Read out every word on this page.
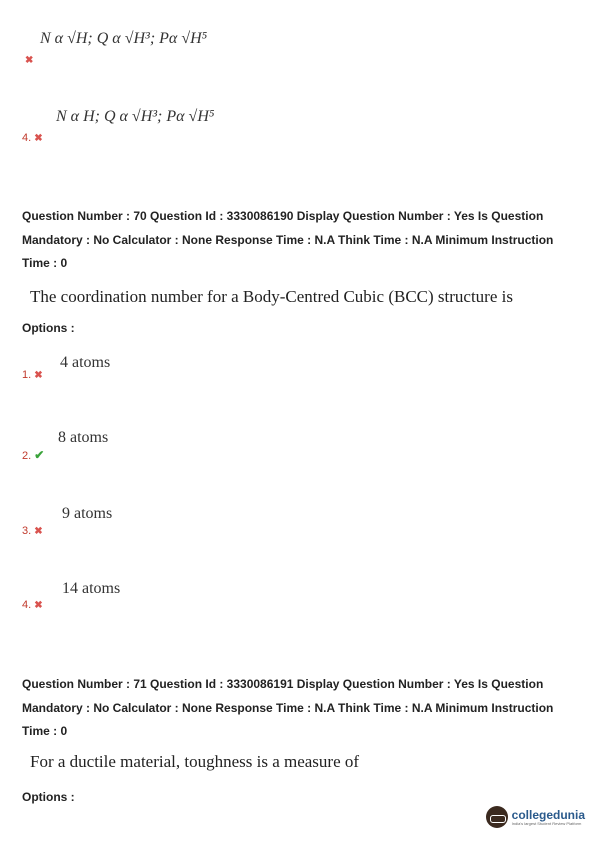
N α √H; Q α √H³; Pα √H⁵
✖
N α H; Q α √H³; Pα √H⁵
4. ✖
Question Number : 70 Question Id : 3330086190 Display Question Number : Yes Is Question Mandatory : No Calculator : None Response Time : N.A Think Time : N.A Minimum Instruction Time : 0
The coordination number for a Body-Centred Cubic (BCC) structure is
Options :
4 atoms
1. ✖
8 atoms
2. ✔
9 atoms
3. ✖
14 atoms
4. ✖
Question Number : 71 Question Id : 3330086191 Display Question Number : Yes Is Question Mandatory : No Calculator : None Response Time : N.A Think Time : N.A Minimum Instruction Time : 0
For a ductile material, toughness is a measure of
Options :
collegedunia
India's largest Student Review Platform
